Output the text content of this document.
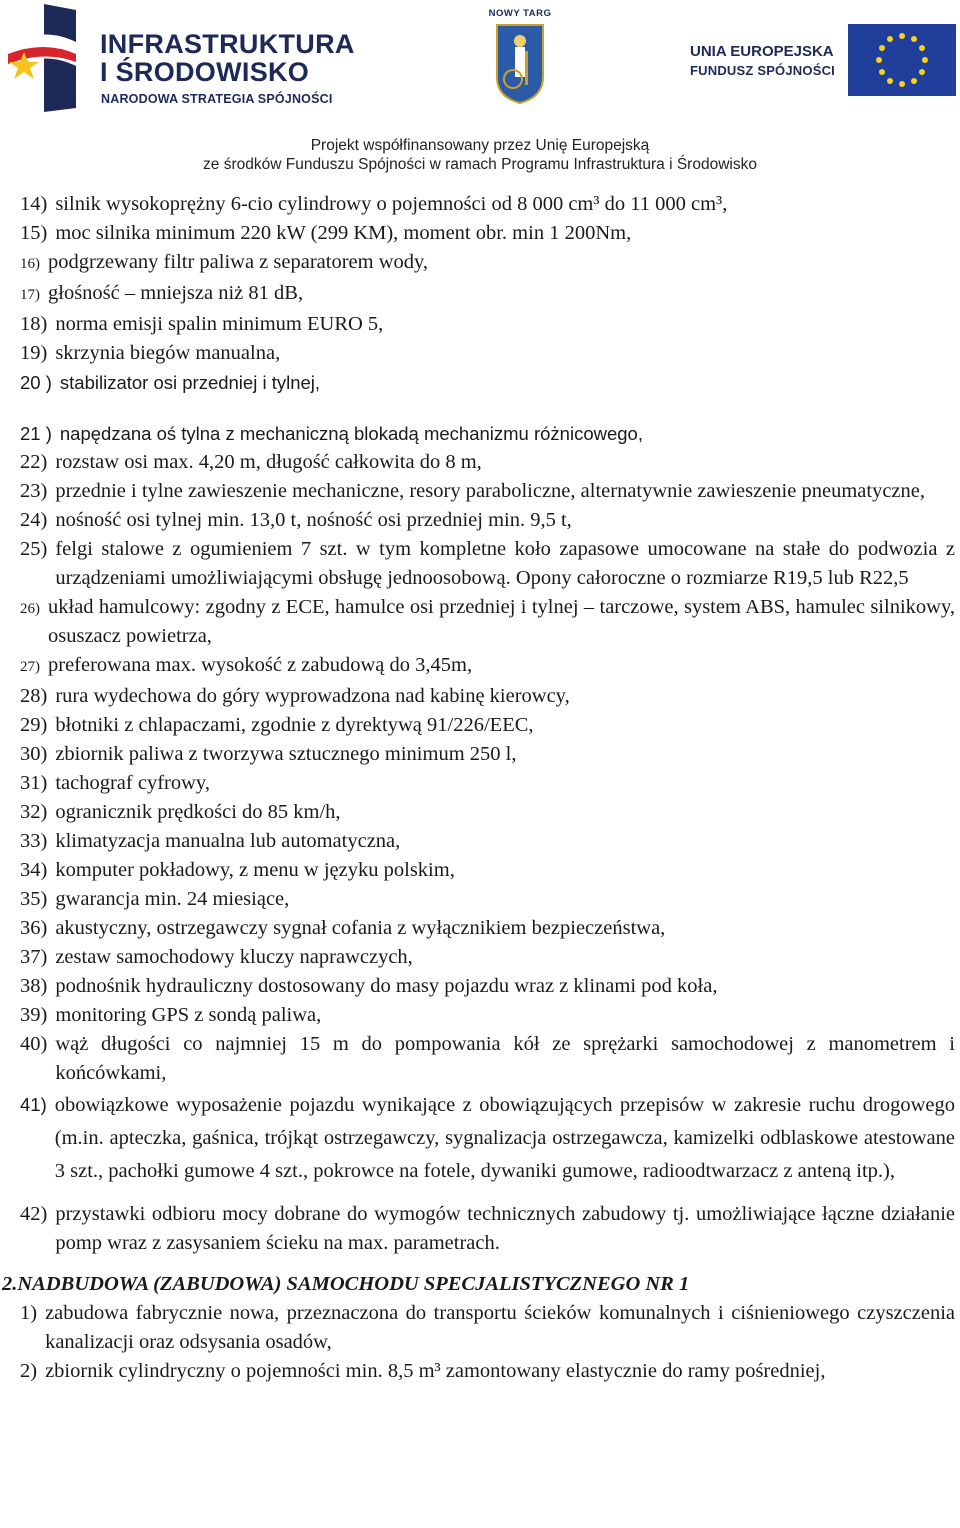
INFRASTRUKTURA
I ŚRODOWISKO
NARODOWA STRATEGIA SPÓJNOŚCI
NOWY TARG
UNIA EUROPEJSKA
FUNDUSZ SPÓJNOŚCI
Projekt współfinansowany przez Unię Europejską
ze środków Funduszu Spójności w ramach Programu Infrastruktura i Środowisko
14) silnik wysokoprężny 6-cio cylindrowy o pojemności od 8 000 cm³ do 11 000 cm³,
15) moc silnika minimum 220 kW (299 KM), moment obr. min 1 200Nm,
16) podgrzewany filtr paliwa z separatorem wody,
17) głośność – mniejsza niż 81 dB,
18) norma emisji spalin minimum EURO 5,
19) skrzynia biegów manualna,
20 ) stabilizator osi przedniej i tylnej,
21 ) napędzana oś tylna z mechaniczną blokadą mechanizmu różnicowego,
22) rozstaw osi max. 4,20 m, długość całkowita do 8 m,
23) przednie i tylne zawieszenie mechaniczne, resory paraboliczne, alternatywnie zawieszenie pneumatyczne,
24) nośność osi tylnej min. 13,0 t, nośność osi przedniej min. 9,5 t,
25) felgi stalowe z ogumieniem 7 szt. w tym kompletne koło zapasowe umocowane na stałe do podwozia z urządzeniami umożliwiającymi obsługę jednoosobową. Opony całoroczne o rozmiarze R19,5 lub R22,5
26) układ hamulcowy: zgodny z ECE, hamulce osi przedniej i tylnej – tarczowe, system ABS, hamulec silnikowy, osuszacz powietrza,
27) preferowana max. wysokość z zabudową do 3,45m,
28) rura wydechowa do góry wyprowadzona nad kabinę kierowcy,
29) błotniki z chlapaczami, zgodnie z dyrektywą 91/226/EEC,
30) zbiornik paliwa z tworzywa sztucznego minimum 250 l,
31) tachograf cyfrowy,
32) ogranicznik prędkości do 85 km/h,
33) klimatyzacja manualna lub automatyczna,
34) komputer pokładowy, z menu w języku polskim,
35) gwarancja min. 24 miesiące,
36) akustyczny, ostrzegawczy sygnał cofania z wyłącznikiem bezpieczeństwa,
37) zestaw samochodowy kluczy naprawczych,
38) podnośnik hydrauliczny dostosowany do masy pojazdu wraz z klinami pod koła,
39) monitoring GPS z sondą paliwa,
40) wąż długości co najmniej 15 m do pompowania kół ze sprężarki samochodowej z manometrem i końcówkami,
41) obowiązkowe wyposażenie pojazdu wynikające z obowiązujących przepisów w zakresie ruchu drogowego (m.in. apteczka, gaśnica, trójkąt ostrzegawczy, sygnalizacja ostrzegawcza, kamizelki odblaskowe atestowane 3 szt., pachołki gumowe 4 szt., pokrowce na fotele, dywaniki gumowe, radioodtwarzacz z anteną itp.),
42) przystawki odbioru mocy dobrane do wymogów technicznych zabudowy tj. umożliwiające łączne działanie pomp wraz z zasysaniem ścieku na max. parametrach.
2.NADBUDOWA (ZABUDOWA) SAMOCHODU SPECJALISTYCZNEGO NR 1
1) zabudowa fabrycznie nowa, przeznaczona do transportu ścieków komunalnych i ciśnieniowego czyszczenia kanalizacji oraz odsysania osadów,
2) zbiornik cylindryczny o pojemności min. 8,5 m³ zamontowany elastycznie do ramy pośredniej,
